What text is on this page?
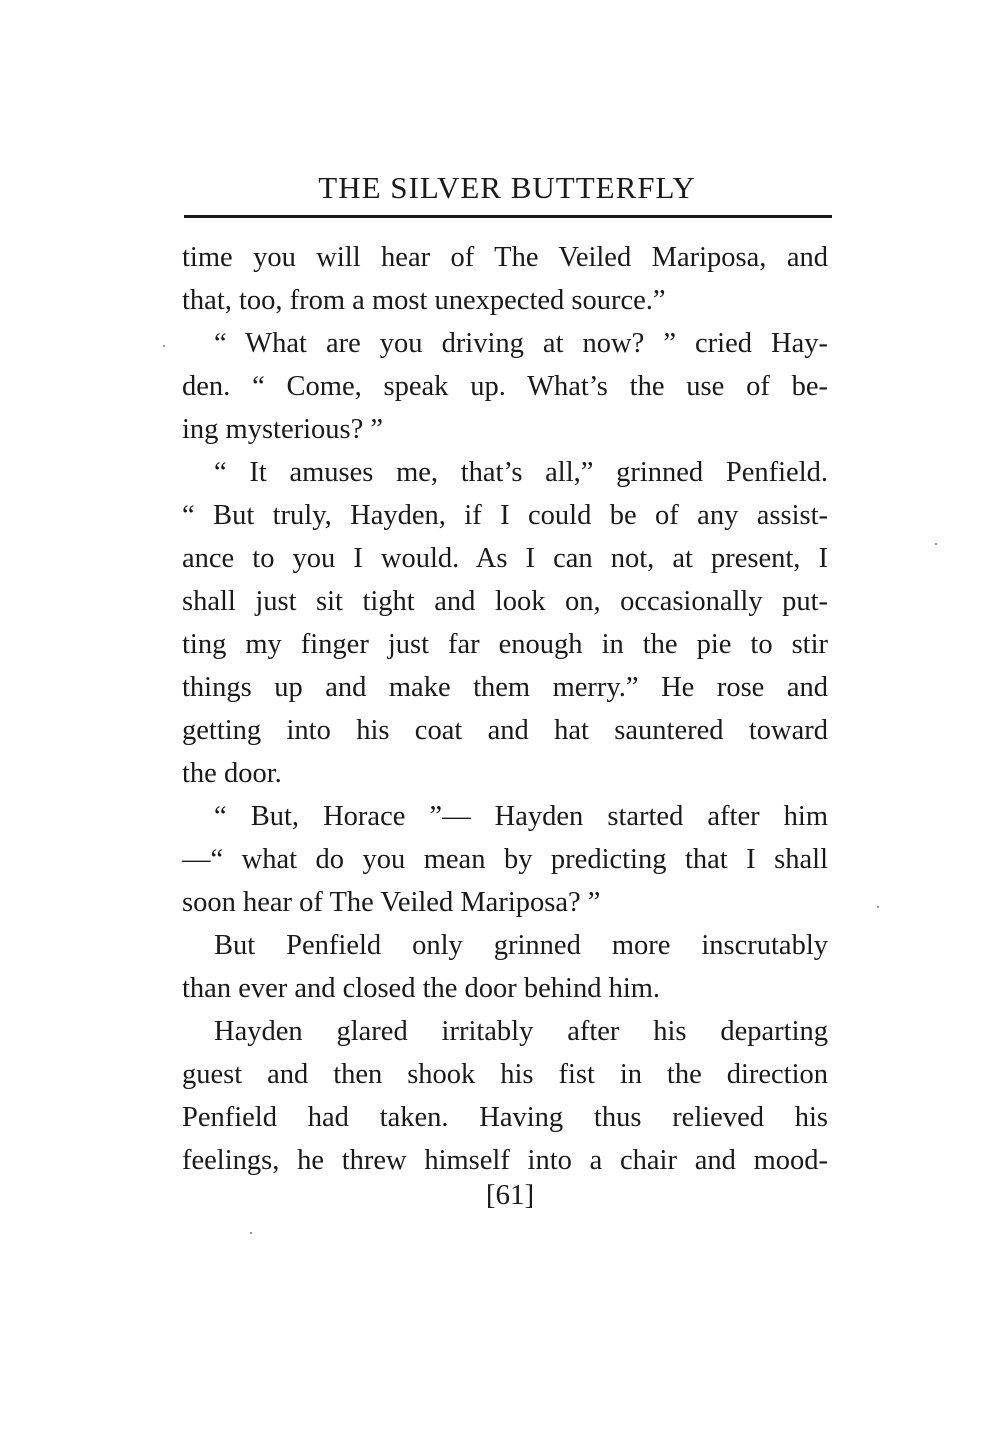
THE SILVER BUTTERFLY
time you will hear of The Veiled Mariposa, and
that, too, from a most unexpected source.”
“ What are you driving at now? ” cried Hay-
den. “ Come, speak up. What’s the use of be-
ing mysterious? ”
“ It amuses me, that’s all,” grinned Penfield.
“ But truly, Hayden, if I could be of any assist-
ance to you I would. As I can not, at present, I
shall just sit tight and look on, occasionally put-
ting my finger just far enough in the pie to stir
things up and make them merry.” He rose and
getting into his coat and hat sauntered toward
the door.
“ But, Horace ”— Hayden started after him
—“ what do you mean by predicting that I shall
soon hear of The Veiled Mariposa? ”
But Penfield only grinned more inscrutably
than ever and closed the door behind him.
Hayden glared irritably after his departing
guest and then shook his fist in the direction
Penfield had taken. Having thus relieved his
feelings, he threw himself into a chair and mood-
[61]
